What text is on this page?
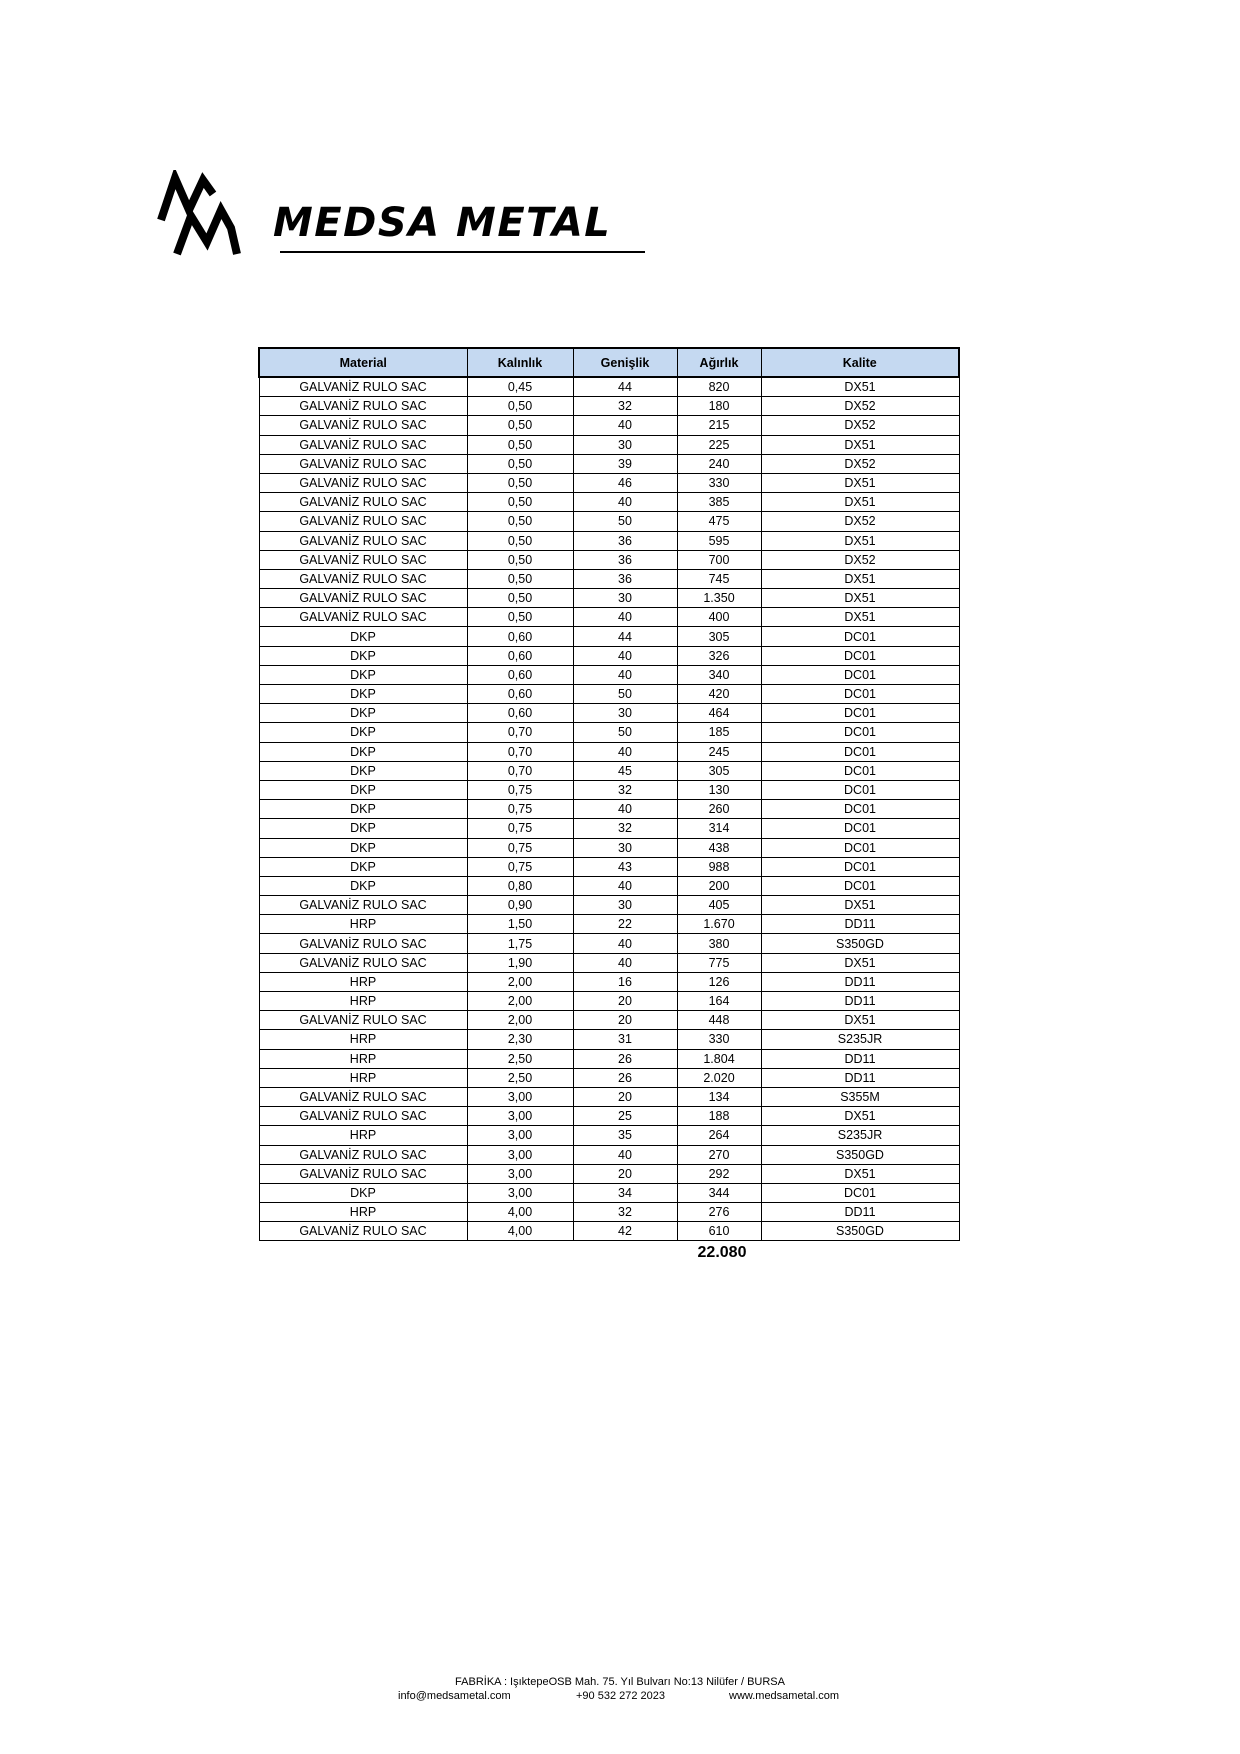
MEDSA METAL
Material	Kalınlık	Genişlik	Ağırlık	Kalite
GALVANİZ RULO SAC	0,45	44	820	DX51
GALVANİZ RULO SAC	0,50	32	180	DX52
GALVANİZ RULO SAC	0,50	40	215	DX52
GALVANİZ RULO SAC	0,50	30	225	DX51
GALVANİZ RULO SAC	0,50	39	240	DX52
GALVANİZ RULO SAC	0,50	46	330	DX51
GALVANİZ RULO SAC	0,50	40	385	DX51
GALVANİZ RULO SAC	0,50	50	475	DX52
GALVANİZ RULO SAC	0,50	36	595	DX51
GALVANİZ RULO SAC	0,50	36	700	DX52
GALVANİZ RULO SAC	0,50	36	745	DX51
GALVANİZ RULO SAC	0,50	30	1.350	DX51
GALVANİZ RULO SAC	0,50	40	400	DX51
DKP	0,60	44	305	DC01
DKP	0,60	40	326	DC01
DKP	0,60	40	340	DC01
DKP	0,60	50	420	DC01
DKP	0,60	30	464	DC01
DKP	0,70	50	185	DC01
DKP	0,70	40	245	DC01
DKP	0,70	45	305	DC01
DKP	0,75	32	130	DC01
DKP	0,75	40	260	DC01
DKP	0,75	32	314	DC01
DKP	0,75	30	438	DC01
DKP	0,75	43	988	DC01
DKP	0,80	40	200	DC01
GALVANİZ RULO SAC	0,90	30	405	DX51
HRP	1,50	22	1.670	DD11
GALVANİZ RULO SAC	1,75	40	380	S350GD
GALVANİZ RULO SAC	1,90	40	775	DX51
HRP	2,00	16	126	DD11
HRP	2,00	20	164	DD11
GALVANİZ RULO SAC	2,00	20	448	DX51
HRP	2,30	31	330	S235JR
HRP	2,50	26	1.804	DD11
HRP	2,50	26	2.020	DD11
GALVANİZ RULO SAC	3,00	20	134	S355M
GALVANİZ RULO SAC	3,00	25	188	DX51
HRP	3,00	35	264	S235JR
GALVANİZ RULO SAC	3,00	40	270	S350GD
GALVANİZ RULO SAC	3,00	20	292	DX51
DKP	3,00	34	344	DC01
HRP	4,00	32	276	DD11
GALVANİZ RULO SAC	4,00	42	610	S350GD
22.080
FABRİKA : IşıktepeOSB Mah. 75. Yıl Bulvarı No:13 Nilüfer / BURSA
info@medsametal.com	+90 532 272 2023	www.medsametal.com
